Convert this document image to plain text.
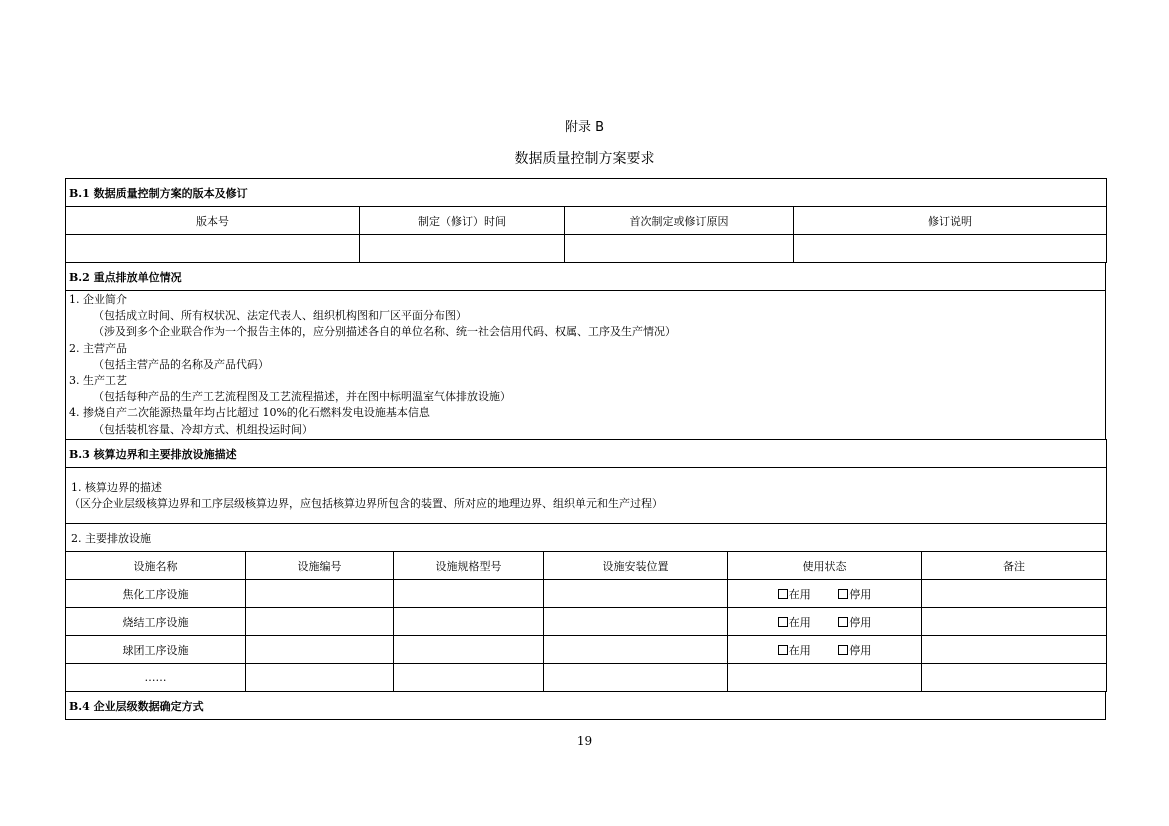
附录 B
数据质量控制方案要求
B.1 数据质量控制方案的版本及修订			
版本号	制定（修订）时间	首次制定或修订原因	修订说明

B.2 重点排放单位情况

1. 企业简介
（包括成立时间、所有权状况、法定代表人、组织机构图和厂区平面分布图）
（涉及到多个企业联合作为一个报告主体的，应分别描述各自的单位名称、统一社会信用代码、权属、工序及生产情况）
2. 主营产品
（包括主营产品的名称及产品代码）
3. 生产工艺
（包括每种产品的生产工艺流程图及工艺流程描述，并在图中标明温室气体排放设施）
4. 掺烧自产二次能源热量年均占比超过 10%的化石燃料发电设施基本信息
（包括装机容量、冷却方式、机组投运时间）
B.3 核算边界和主要排放设施描述					

1. 核算边界的描述
（区分企业层级核算边界和工序层级核算边界，应包括核算边界所包含的装置、所对应的地理边界、组织单元和生产过程）					

2. 主要排放设施					
设施名称	设施编号	设施规格型号	设施安装位置	使用状态	备注
焦化工序设施				在用 停用	
烧结工序设施				在用 停用	
球团工序设施				在用 停用	
……					
B.4 企业层级数据确定方式
19
